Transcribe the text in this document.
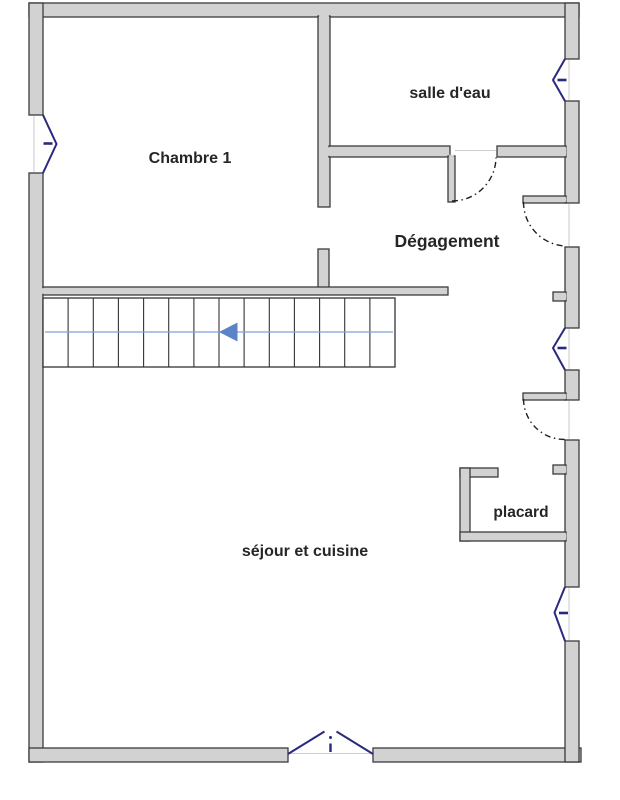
Chambre 1
salle d'eau
Dégagement
séjour et cuisine
placard
